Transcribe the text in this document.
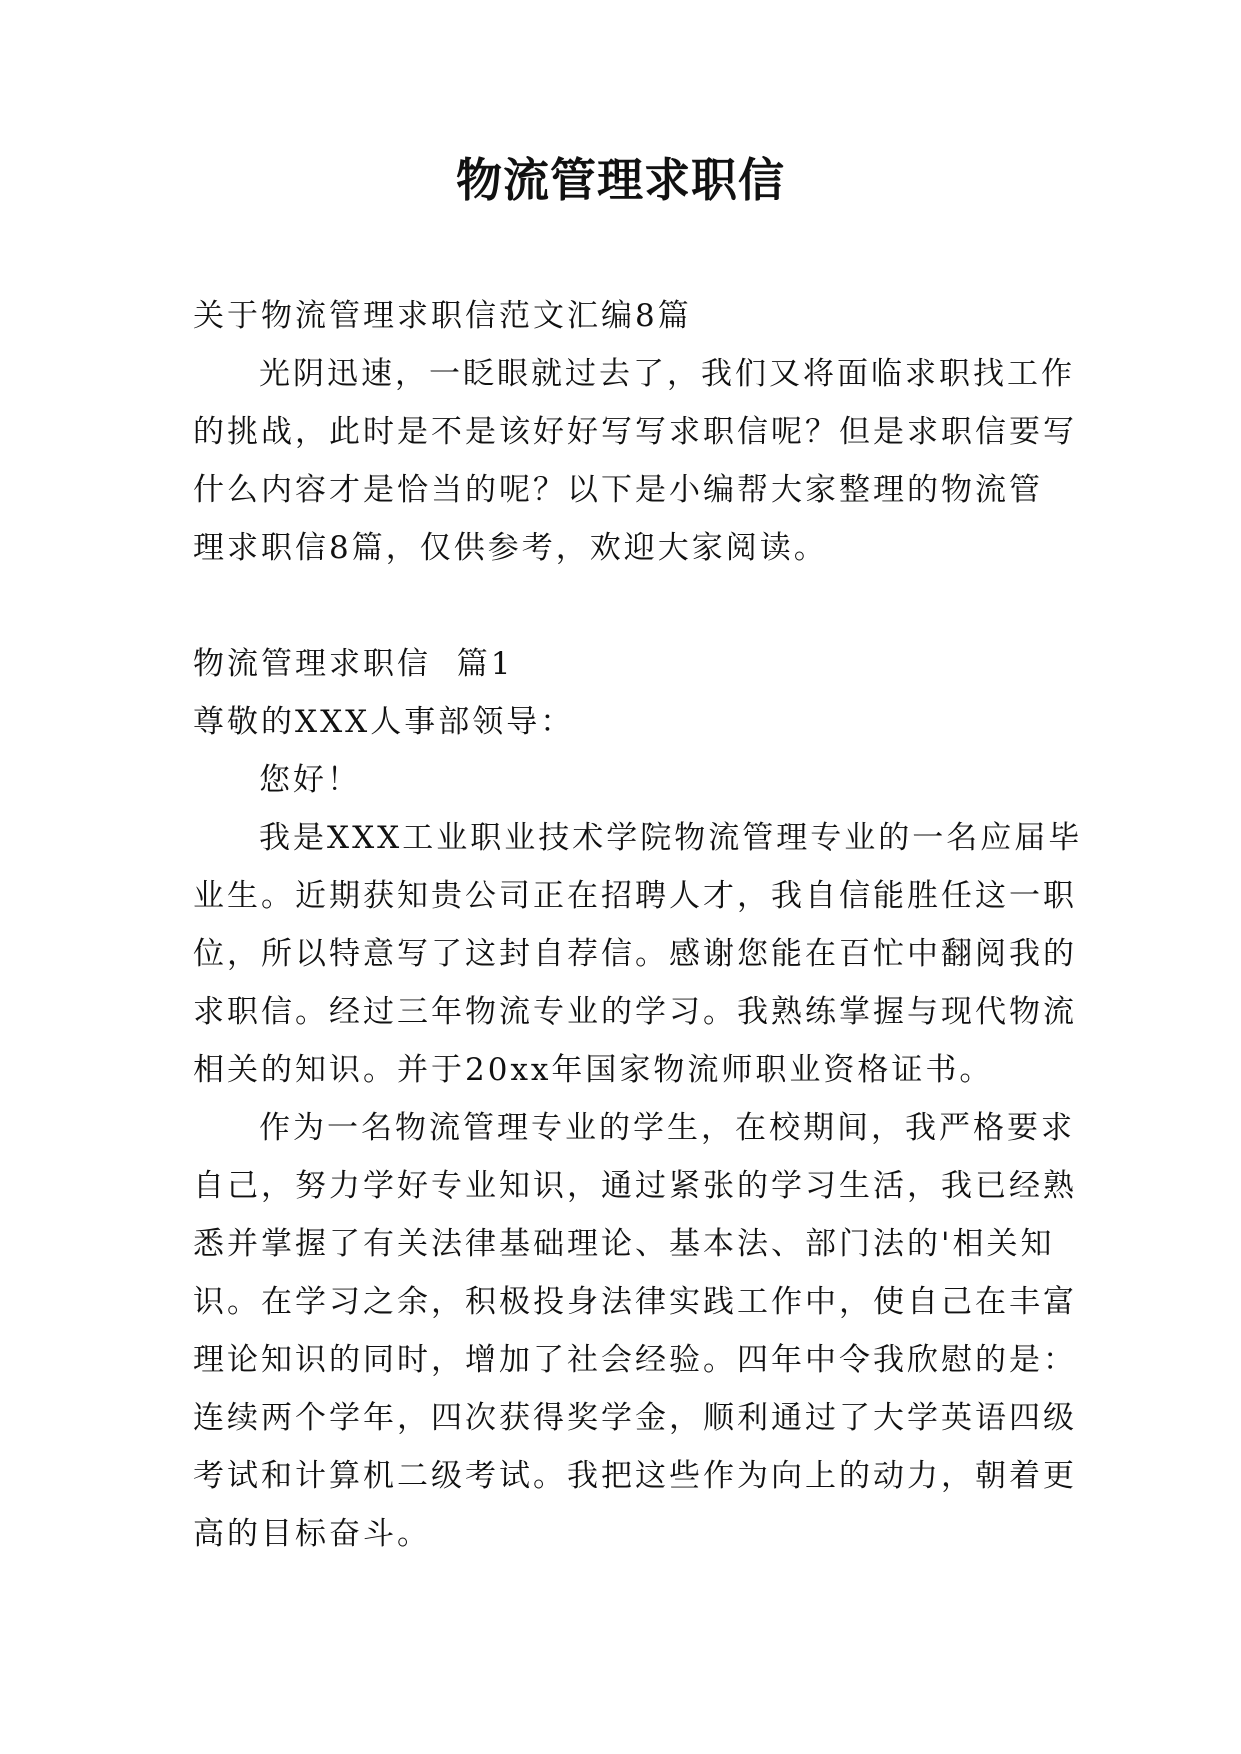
物流管理求职信
关于物流管理求职信范文汇编8篇
光阴迅速，一眨眼就过去了，我们又将面临求职找工作
的挑战，此时是不是该好好写写求职信呢？但是求职信要写
什么内容才是恰当的呢？以下是小编帮大家整理的物流管
理求职信8篇，仅供参考，欢迎大家阅读。
物流管理求职信  篇1
尊敬的XXX人事部领导：
您好！
我是XXX工业职业技术学院物流管理专业的一名应届毕
业生。近期获知贵公司正在招聘人才，我自信能胜任这一职
位，所以特意写了这封自荐信。感谢您能在百忙中翻阅我的
求职信。经过三年物流专业的学习。我熟练掌握与现代物流
相关的知识。并于20xx年国家物流师职业资格证书。
作为一名物流管理专业的学生，在校期间，我严格要求
自己，努力学好专业知识，通过紧张的学习生活，我已经熟
悉并掌握了有关法律基础理论、基本法、部门法的'相关知
识。在学习之余，积极投身法律实践工作中，使自己在丰富
理论知识的同时，增加了社会经验。四年中令我欣慰的是：
连续两个学年，四次获得奖学金，顺利通过了大学英语四级
考试和计算机二级考试。我把这些作为向上的动力，朝着更
高的目标奋斗。
